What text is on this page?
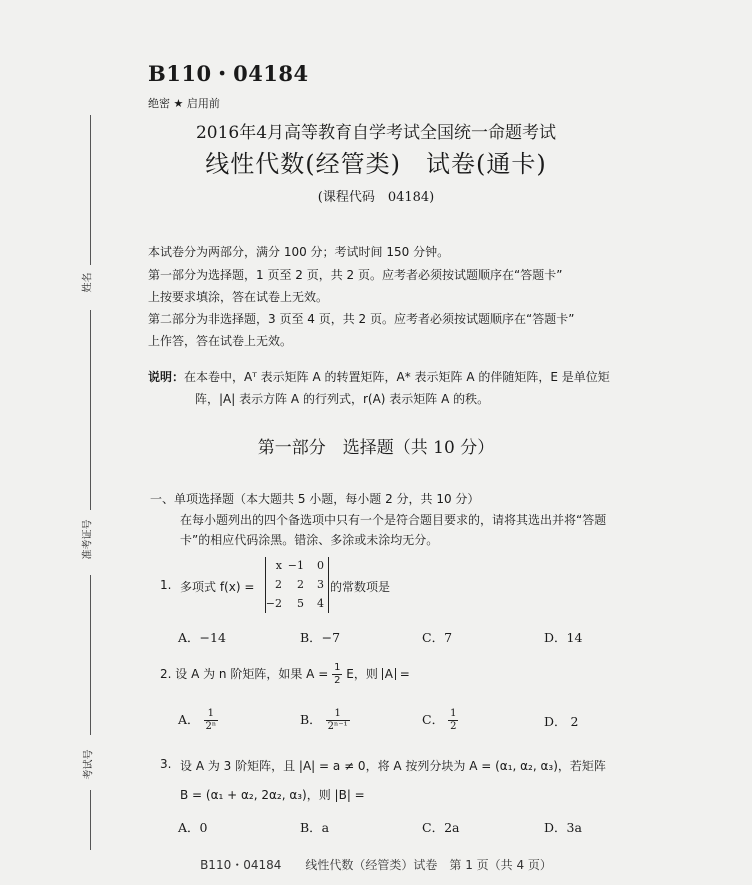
B110・04184
绝密 ★ 启用前
2016年4月高等教育自学考试全国统一命题考试
线性代数(经管类)　试卷(通卡)
(课程代码　04184)
姓名
准考证号
考试号
本试卷分为两部分，满分 100 分；考试时间 150 分钟。
第一部分为选择题，1 页至 2 页，共 2 页。应考者必须按试题顺序在“答题卡”
上按要求填涂，答在试卷上无效。
第二部分为非选择题，3 页至 4 页，共 2 页。应考者必须按试题顺序在“答题卡”
上作答，答在试卷上无效。
说明：在本卷中，Aᵀ 表示矩阵 A 的转置矩阵，A* 表示矩阵 A 的伴随矩阵，E 是单位矩
阵，|A| 表示方阵 A 的行列式，r(A) 表示矩阵 A 的秩。
第一部分　选择题（共 10 分）
一、单项选择题（本大题共 5 小题，每小题 2 分，共 10 分）
在每小题列出的四个备选项中只有一个是符合题目要求的，请将其选出并将“答题
卡”的相应代码涂黑。错涂、多涂或未涂均无分。
1. 多项式 f(x) =
x −1	0
2	2	3
−2	5	4
的常数项是
A．−14	B．−7	C．7	D．14
2. 设 A 为 n 阶矩阵，如果 $A = \frac{1}{2}$ E，则 A =
A． $\frac{1}{\text{2ⁿ}}$	B． $\frac{1}{\text{2ⁿ⁻¹}}$	C． $\frac{1}{2}$	D． 2
3. 设 A 为 3 阶矩阵，且 |A| = a ≠ 0，将 A 按列分块为 A = (α₁, α₂, α₃)，若矩阵
B = (α₁ + α₂, 2α₂, α₃)，则 |B| =
A．0	B．a	C．2a	D．3a
B110・04184　　线性代数（经管类）试卷　第 1 页（共 4 页）
